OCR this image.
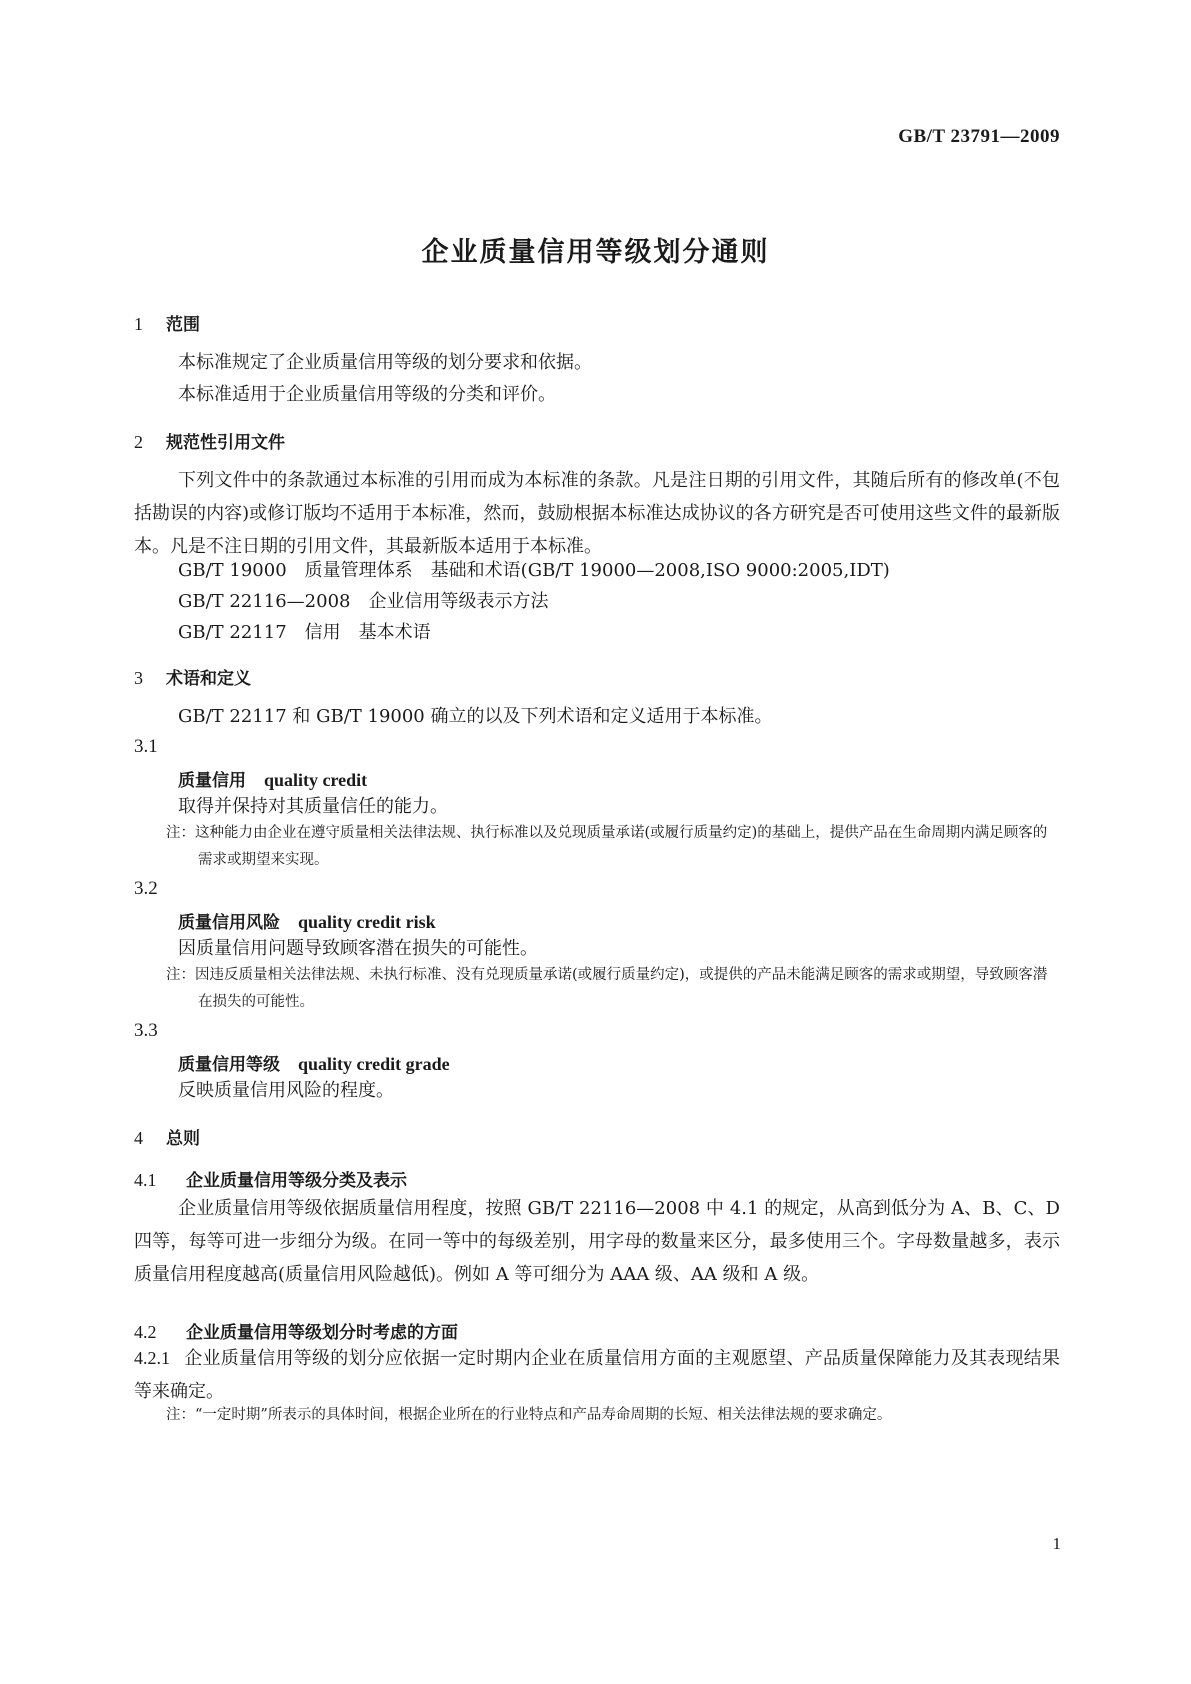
GB/T 23791—2009
企业质量信用等级划分通则
1 范围
本标准规定了企业质量信用等级的划分要求和依据。
本标准适用于企业质量信用等级的分类和评价。
2 规范性引用文件
下列文件中的条款通过本标准的引用而成为本标准的条款。凡是注日期的引用文件，其随后所有的修改单(不包括勘误的内容)或修订版均不适用于本标准，然而，鼓励根据本标准达成协议的各方研究是否可使用这些文件的最新版本。凡是不注日期的引用文件，其最新版本适用于本标准。
GB/T 19000 质量管理体系　基础和术语(GB/T 19000—2008,ISO 9000:2005,IDT)
GB/T 22116—2008 企业信用等级表示方法
GB/T 22117 信用　基本术语
3 术语和定义
GB/T 22117 和 GB/T 19000 确立的以及下列术语和定义适用于本标准。
3.1
质量信用 quality credit
取得并保持对其质量信任的能力。
注：这种能力由企业在遵守质量相关法律法规、执行标准以及兑现质量承诺(或履行质量约定)的基础上，提供产品在生命周期内满足顾客的需求或期望来实现。
3.2
质量信用风险 quality credit risk
因质量信用问题导致顾客潜在损失的可能性。
注：因违反质量相关法律法规、未执行标准、没有兑现质量承诺(或履行质量约定)，或提供的产品未能满足顾客的需求或期望，导致顾客潜在损失的可能性。
3.3
质量信用等级 quality credit grade
反映质量信用风险的程度。
4 总则
4.1 企业质量信用等级分类及表示
企业质量信用等级依据质量信用程度，按照 GB/T 22116—2008 中 4.1 的规定，从高到低分为 A、B、C、D 四等，每等可进一步细分为级。在同一等中的每级差别，用字母的数量来区分，最多使用三个。字母数量越多，表示质量信用程度越高(质量信用风险越低)。例如 A 等可细分为 AAA 级、AA 级和 A 级。
4.2 企业质量信用等级划分时考虑的方面
4.2.1 企业质量信用等级的划分应依据一定时期内企业在质量信用方面的主观愿望、产品质量保障能力及其表现结果等来确定。
注：“一定时期”所表示的具体时间，根据企业所在的行业特点和产品寿命周期的长短、相关法律法规的要求确定。
1
